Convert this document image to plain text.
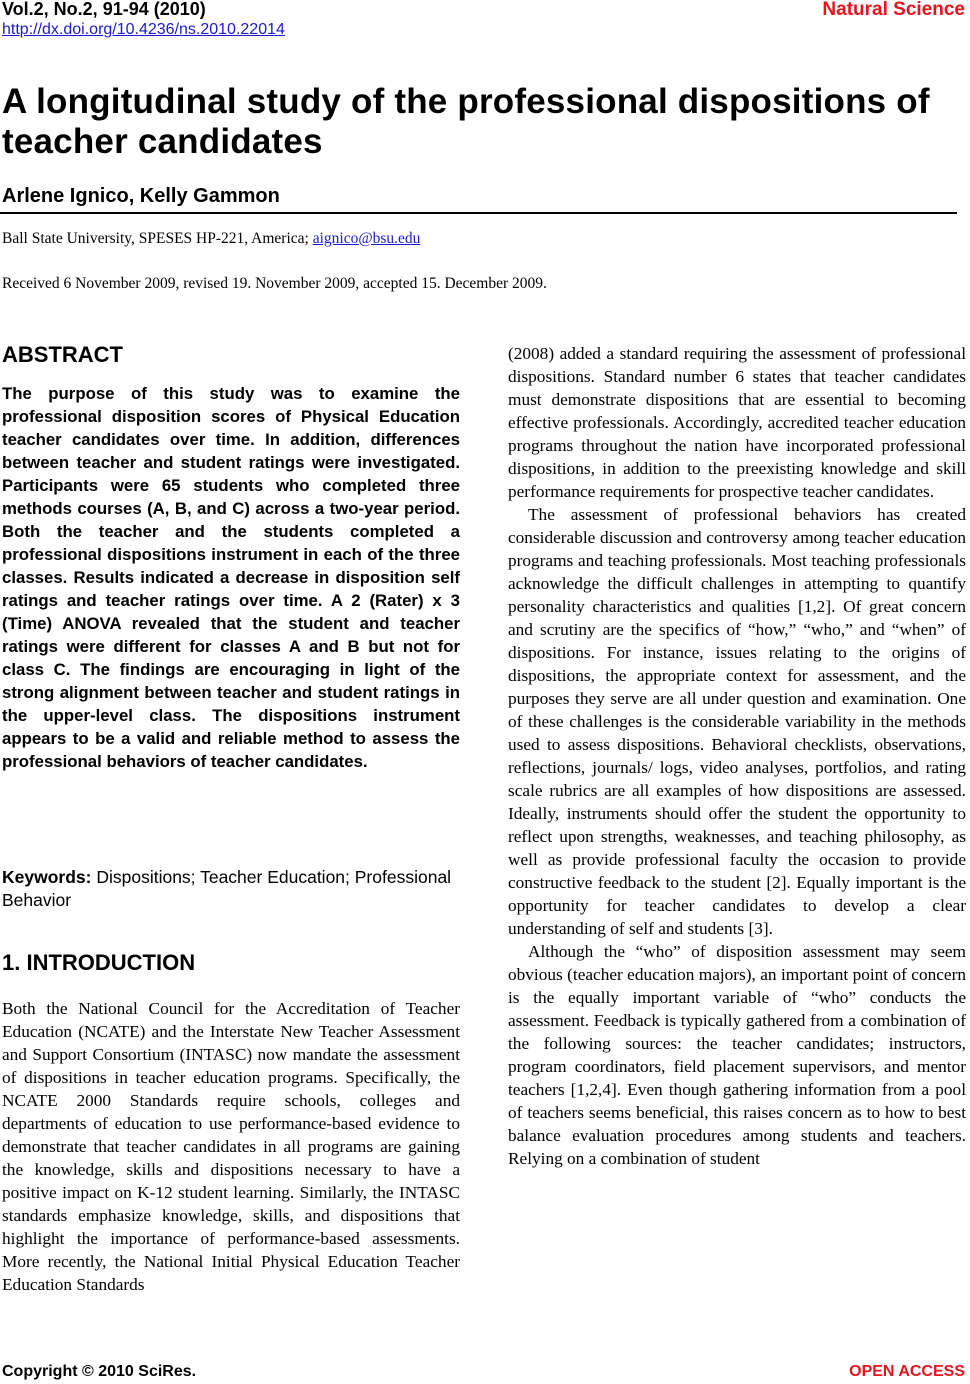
Vol.2, No.2, 91-94 (2010)
http://dx.doi.org/10.4236/ns.2010.22014
Natural Science
A longitudinal study of the professional dispositions of teacher candidates
Arlene Ignico, Kelly Gammon
Ball State University, SPESES HP-221, America; aignico@bsu.edu
Received 6 November 2009, revised 19. November 2009, accepted 15. December 2009.
ABSTRACT
The purpose of this study was to examine the professional disposition scores of Physical Education teacher candidates over time. In addition, differences between teacher and student ratings were investigated. Participants were 65 students who completed three methods courses (A, B, and C) across a two-year period. Both the teacher and the students completed a professional dispositions instrument in each of the three classes. Results indicated a decrease in disposition self ratings and teacher ratings over time. A 2 (Rater) x 3 (Time) ANOVA revealed that the student and teacher ratings were different for classes A and B but not for class C. The findings are encouraging in light of the strong alignment between teacher and student ratings in the upper-level class. The dispositions instrument appears to be a valid and reliable method to assess the professional behaviors of teacher candidates.
Keywords: Dispositions; Teacher Education; Professional Behavior
1. INTRODUCTION
Both the National Council for the Accreditation of Teacher Education (NCATE) and the Interstate New Teacher Assessment and Support Consortium (INTASC) now mandate the assessment of dispositions in teacher education programs. Specifically, the NCATE 2000 Standards require schools, colleges and departments of education to use performance-based evidence to demonstrate that teacher candidates in all programs are gaining the knowledge, skills and dispositions necessary to have a positive impact on K-12 student learning. Similarly, the INTASC standards emphasize knowledge, skills, and dispositions that highlight the importance of performance-based assessments. More recently, the National Initial Physical Education Teacher Education Standards

(2008) added a standard requiring the assessment of professional dispositions. Standard number 6 states that teacher candidates must demonstrate dispositions that are essential to becoming effective professionals. Accordingly, accredited teacher education programs throughout the nation have incorporated professional dispositions, in addition to the preexisting knowledge and skill performance requirements for prospective teacher candidates.

The assessment of professional behaviors has created considerable discussion and controversy among teacher education programs and teaching professionals. Most teaching professionals acknowledge the difficult challenges in attempting to quantify personality characteristics and qualities [1,2]. Of great concern and scrutiny are the specifics of “how,” “who,” and “when” of dispositions. For instance, issues relating to the origins of dispositions, the appropriate context for assessment, and the purposes they serve are all under question and examination. One of these challenges is the considerable variability in the methods used to assess dispositions. Behavioral checklists, observations, reflections, journals/ logs, video analyses, portfolios, and rating scale rubrics are all examples of how dispositions are assessed. Ideally, instruments should offer the student the opportunity to reflect upon strengths, weaknesses, and teaching philosophy, as well as provide professional faculty the occasion to provide constructive feedback to the student [2]. Equally important is the opportunity for teacher candidates to develop a clear understanding of self and students [3].

Although the “who” of disposition assessment may seem obvious (teacher education majors), an important point of concern is the equally important variable of “who” conducts the assessment. Feedback is typically gathered from a combination of the following sources: the teacher candidates; instructors, program coordinators, field placement supervisors, and mentor teachers [1,2,4]. Even though gathering information from a pool of teachers seems beneficial, this raises concern as to how to best balance evaluation procedures among students and teachers. Relying on a combination of student

Copyright © 2010 SciRes.	OPEN ACCESS
